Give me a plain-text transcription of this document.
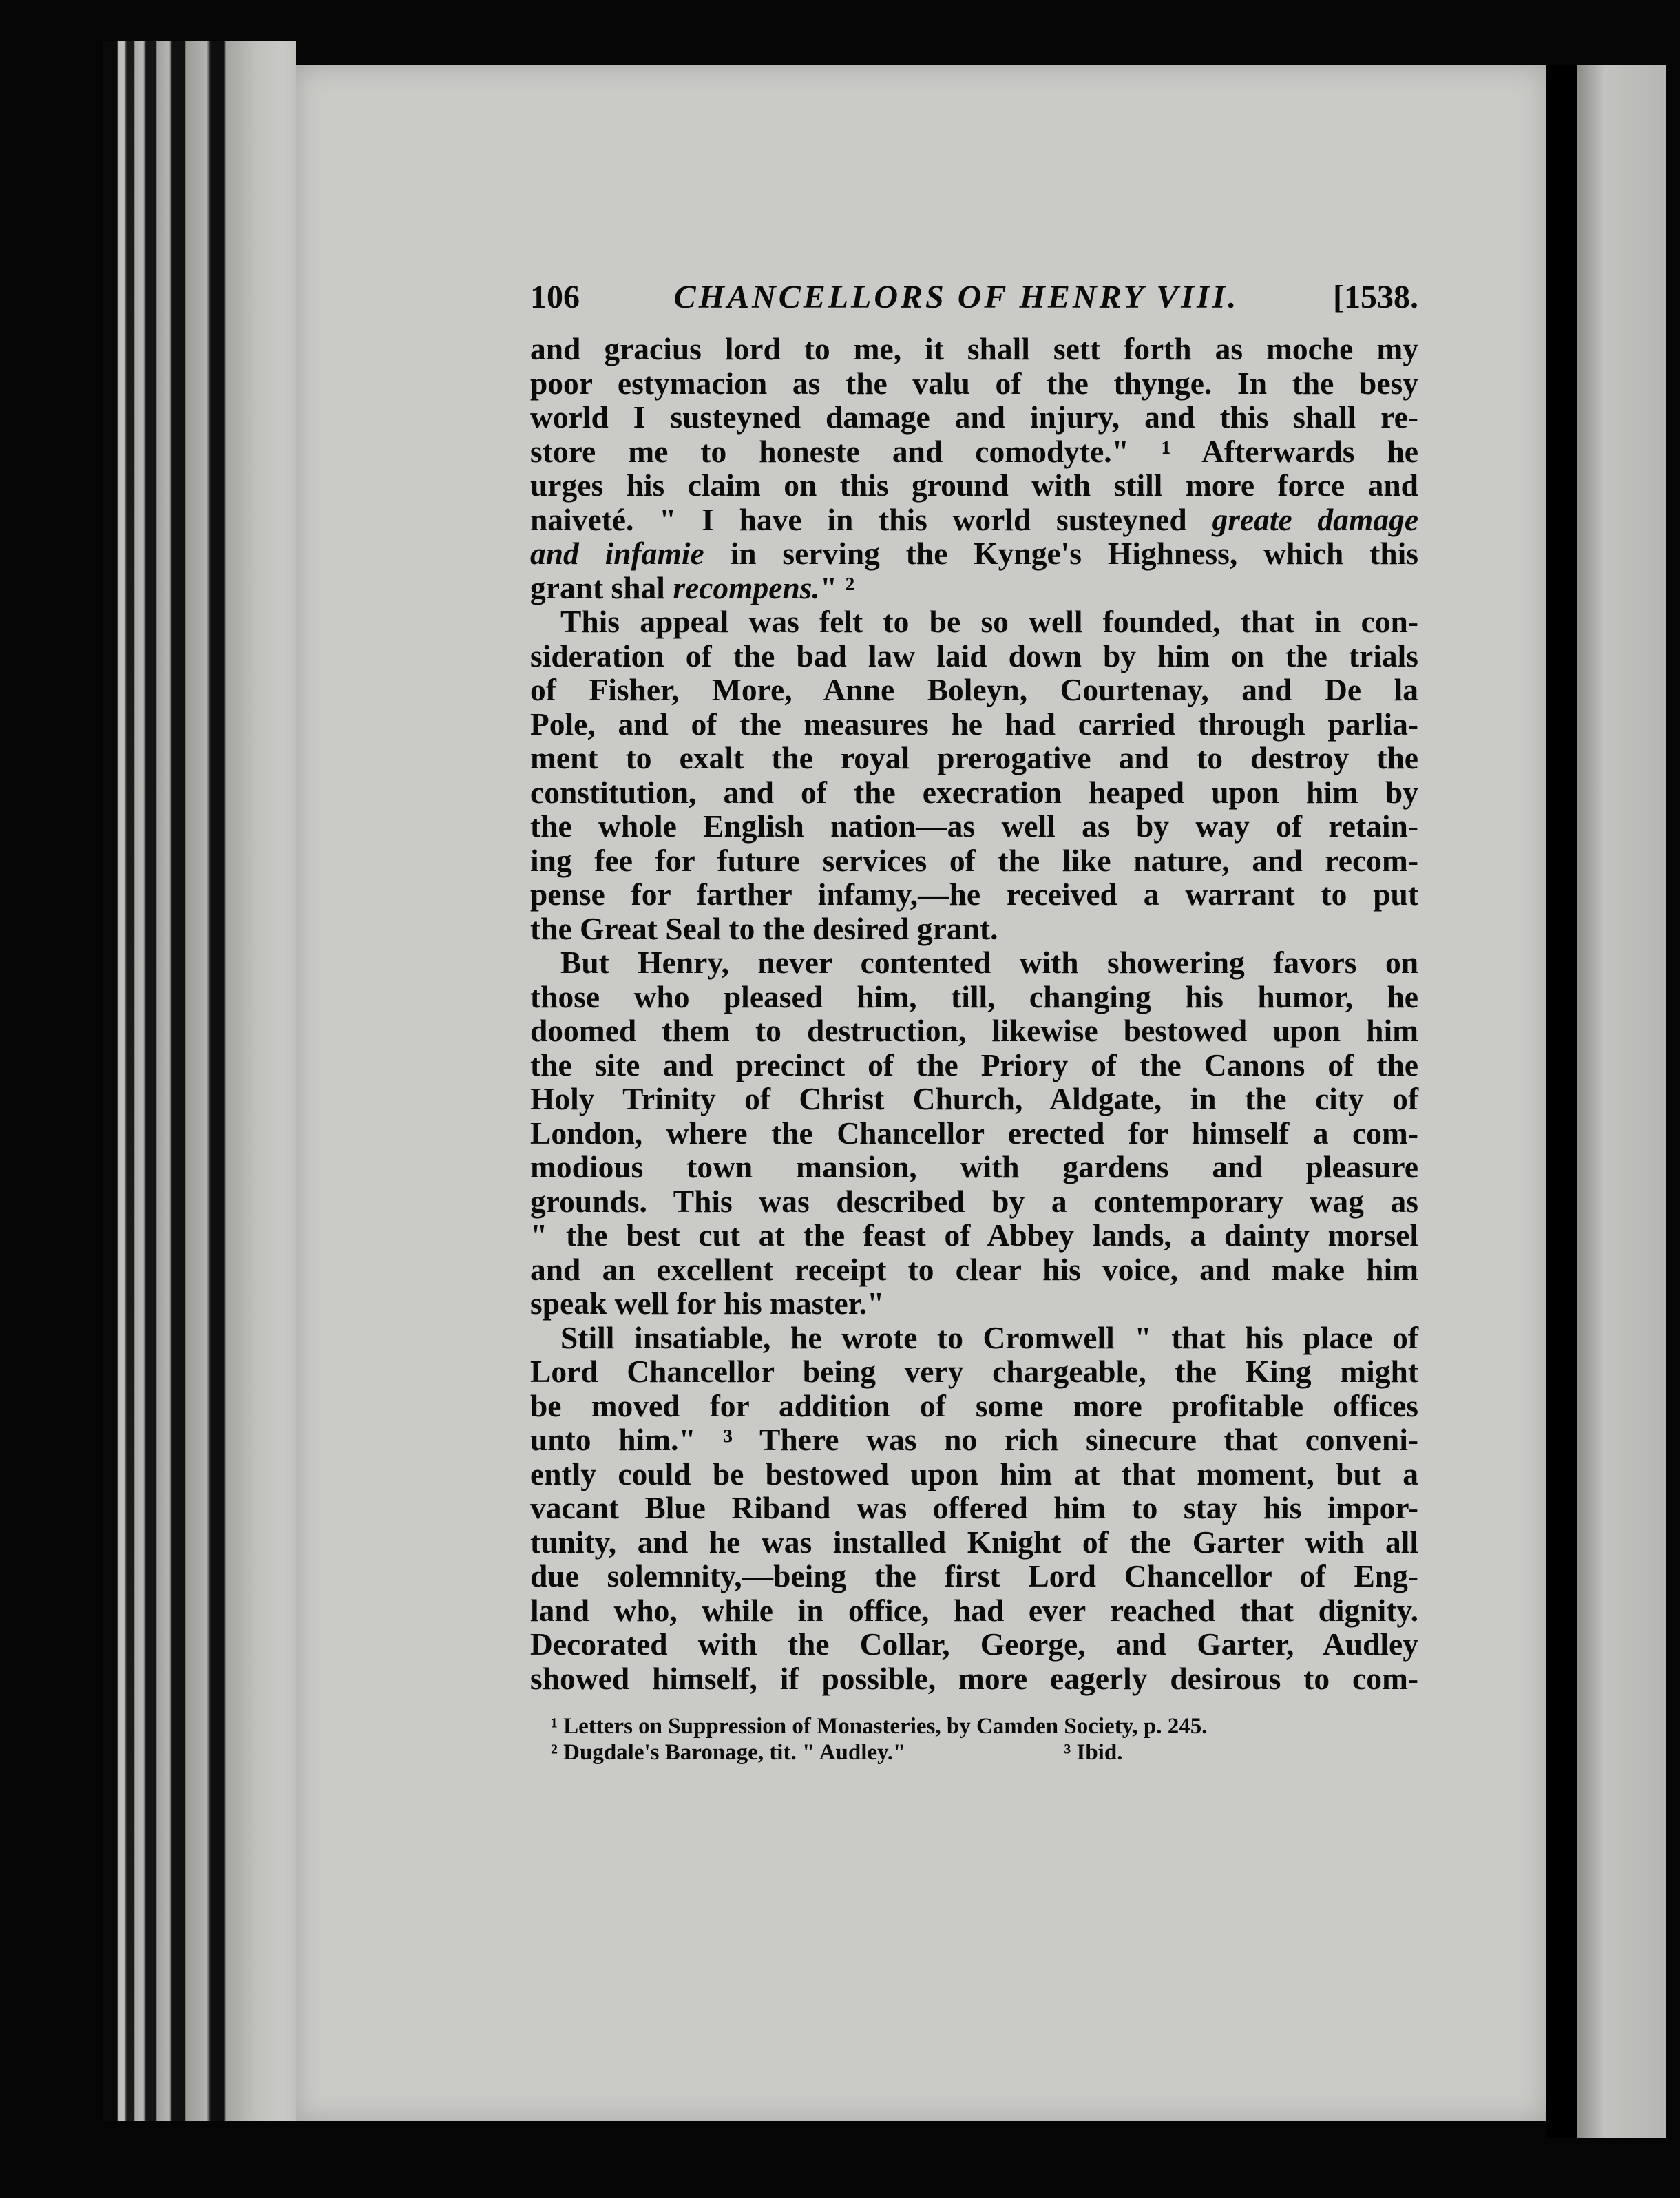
106	CHANCELLORS OF HENRY VIII.	[1538.
and gracius lord to me, it shall sett forth as moche my
poor estymacion as the valu of the thynge. In the besy
world I susteyned damage and injury, and this shall re-
store me to honeste and comodyte." ¹ Afterwards he
urges his claim on this ground with still more force and
naiveté. " I have in this world susteyned greate damage
and infamie in serving the Kynge's Highness, which this
grant shal recompens." ²
This appeal was felt to be so well founded, that in con-
sideration of the bad law laid down by him on the trials
of Fisher, More, Anne Boleyn, Courtenay, and De la
Pole, and of the measures he had carried through parlia-
ment to exalt the royal prerogative and to destroy the
constitution, and of the execration heaped upon him by
the whole English nation—as well as by way of retain-
ing fee for future services of the like nature, and recom-
pense for farther infamy,—he received a warrant to put
the Great Seal to the desired grant.
But Henry, never contented with showering favors on
those who pleased him, till, changing his humor, he
doomed them to destruction, likewise bestowed upon him
the site and precinct of the Priory of the Canons of the
Holy Trinity of Christ Church, Aldgate, in the city of
London, where the Chancellor erected for himself a com-
modious town mansion, with gardens and pleasure
grounds. This was described by a contemporary wag as
" the best cut at the feast of Abbey lands, a dainty morsel
and an excellent receipt to clear his voice, and make him
speak well for his master."
Still insatiable, he wrote to Cromwell " that his place of
Lord Chancellor being very chargeable, the King might
be moved for addition of some more profitable offices
unto him." ³ There was no rich sinecure that conveni-
ently could be bestowed upon him at that moment, but a
vacant Blue Riband was offered him to stay his impor-
tunity, and he was installed Knight of the Garter with all
due solemnity,—being the first Lord Chancellor of Eng-
land who, while in office, had ever reached that dignity.
Decorated with the Collar, George, and Garter, Audley
showed himself, if possible, more eagerly desirous to com-
¹ Letters on Suppression of Monasteries, by Camden Society, p. 245.
² Dugdale's Baronage, tit. " Audley."	³ Ibid.
